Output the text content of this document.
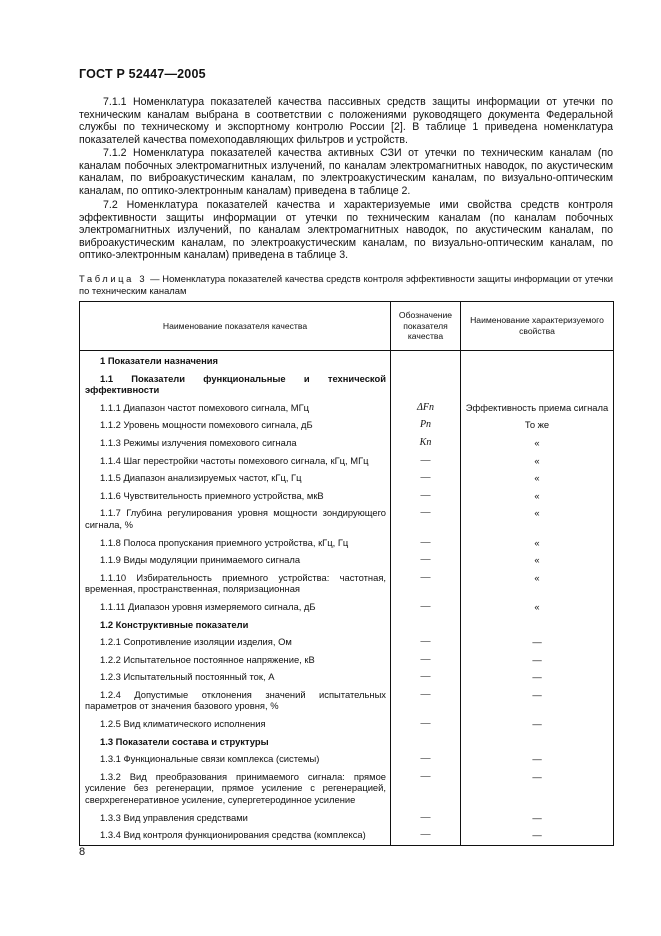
ГОСТ Р 52447—2005

7.1.1 Номенклатура показателей качества пассивных средств защиты информации от утечки по техническим каналам выбрана в соответствии с положениями руководящего документа Федеральной службы по техническому и экспортному контролю России [2]. В таблице 1 приведена номенклатура показателей качества помехоподавляющих фильтров и устройств.

7.1.2 Номенклатура показателей качества активных СЗИ от утечки по техническим каналам (по каналам побочных электромагнитных излучений, по каналам электромагнитных наводок, по акустическим каналам, по виброакустическим каналам, по электроакустическим каналам, по визуально-оптическим каналам, по оптико-электронным каналам) приведена в таблице 2.

7.2 Номенклатура показателей качества и характеризуемые ими свойства средств контроля эффективности защиты информации от утечки по техническим каналам (по каналам побочных электромагнитных излучений, по каналам электромагнитных наводок, по акустическим каналам, по виброакустическим каналам, по электроакустическим каналам, по визуально-оптическим каналам, по оптико-электронным каналам) приведена в таблице 3.

Таблица 3 — Номенклатура показателей качества средств контроля эффективности защиты информации от утечки по техническим каналам
Наименование показателя качества	Обозначение показателя качества	Наименование характеризуемого свойства

1 Показатели назначения		

1.1 Показатели функциональные и технической эффективности		

1.1.1 Диапазон частот помехового сигнала, МГц	ΔFп	Эффективность приема сигнала

1.1.2 Уровень мощности помехового сигнала, дБ	Pп	То же

1.1.3 Режимы излучения помехового сигнала	Kп	«

1.1.4 Шаг перестройки частоты помехового сигнала, кГц, МГц	—	«

1.1.5 Диапазон анализируемых частот, кГц, Гц	—	«

1.1.6 Чувствительность приемного устройства, мкВ	—	«

1.1.7 Глубина регулирования уровня мощности зондирующего сигнала, %	—	«

1.1.8 Полоса пропускания приемного устройства, кГц, Гц	—	«

1.1.9 Виды модуляции принимаемого сигнала	—	«

1.1.10 Избирательность приемного устройства: частотная, временная, пространственная, поляризационная	—	«

1.1.11 Диапазон уровня измеряемого сигнала, дБ	—	«

1.2 Конструктивные показатели		

1.2.1 Сопротивление изоляции изделия, Ом	—	—

1.2.2 Испытательное постоянное напряжение, кВ	—	—

1.2.3 Испытательный постоянный ток, А	—	—

1.2.4 Допустимые отклонения значений испытательных параметров от значения базового уровня, %	—	—

1.2.5 Вид климатического исполнения	—	—

1.3 Показатели состава и структуры		

1.3.1 Функциональные связи комплекса (системы)	—	—

1.3.2 Вид преобразования принимаемого сигнала: прямое усиление без регенерации, прямое усиление с регенерацией, сверхрегенеративное усиление, супергетеродинное усиление	—	—

1.3.3 Вид управления средствами	—	—

1.3.4 Вид контроля функционирования средства (комплекса)	—	—
8
